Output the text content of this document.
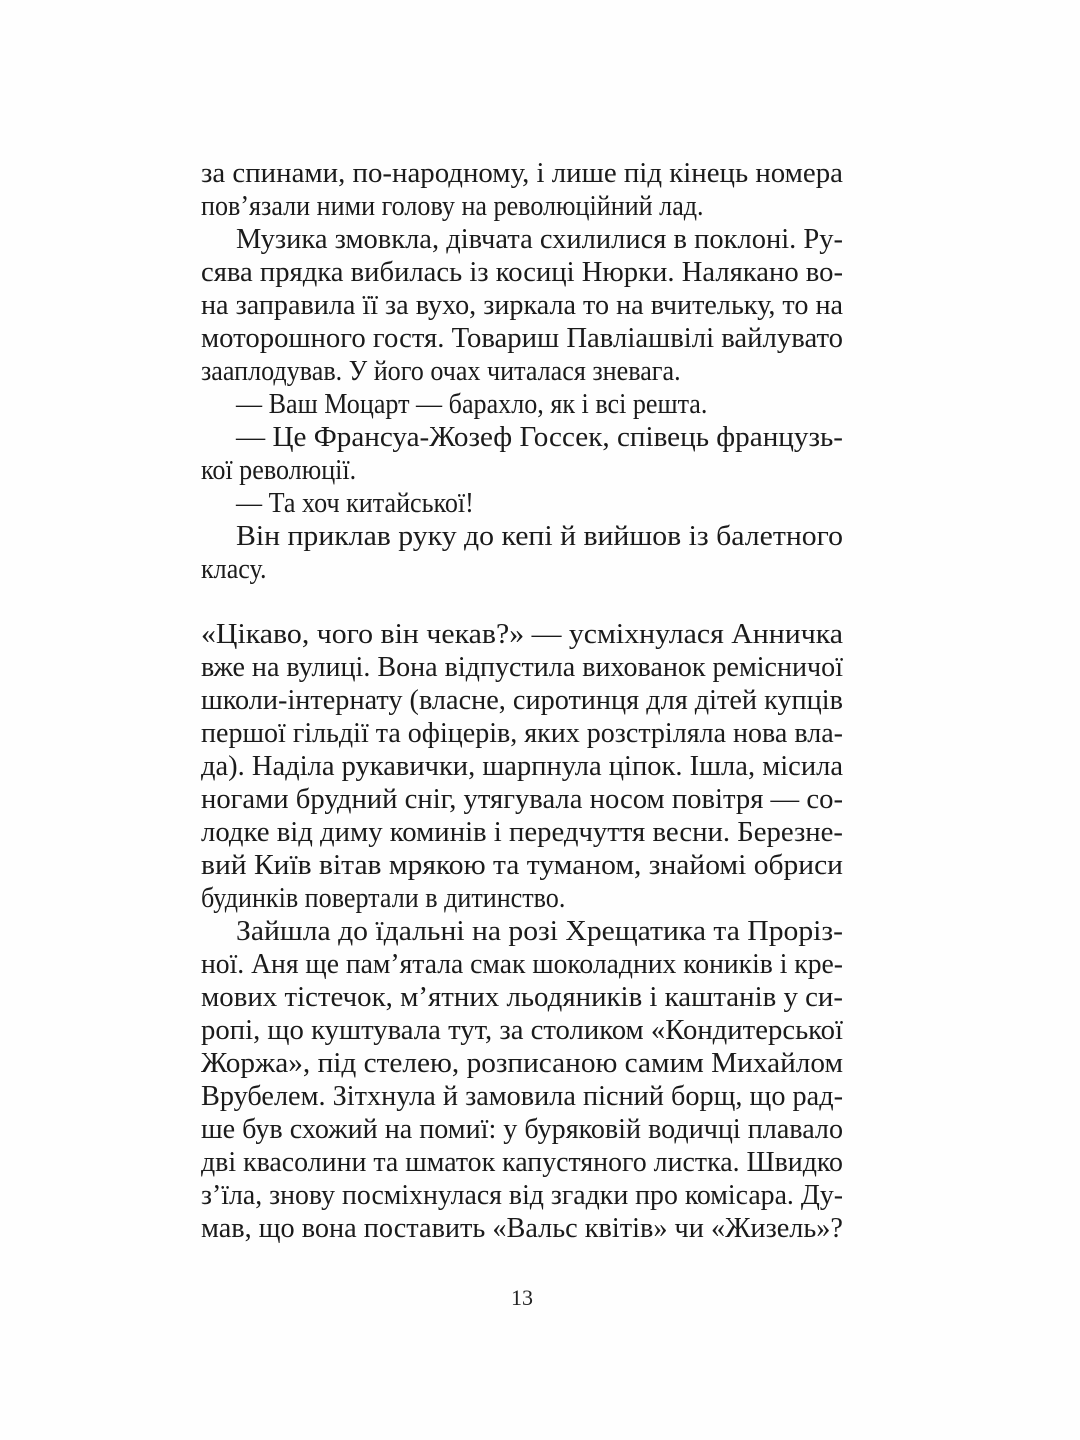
за спинами, по-народному, і лише під кінець номера
пов’язали ними голову на революційний лад.
Музика змовкла, дівчата схилилися в поклоні. Ру-
сява прядка вибилась із косиці Нюрки. Налякано во-
на заправила її за вухо, зиркала то на вчительку, то на
моторошного гостя. Товариш Павліашвілі вайлувато
зааплодував. У його очах читалася зневага.
— Ваш Моцарт — барахло, як і всі решта.
— Це Франсуа-Жозеф Госсек, співець французь-
кої революції.
— Та хоч китайської!
Він приклав руку до кепі й вийшов із балетного
класу.
«Цікаво, чого він чекав?» — усміхнулася Анничка
вже на вулиці. Вона відпустила вихованок ремісничої
школи-інтернату (власне, сиротинця для дітей купців
першої гільдії та офіцерів, яких розстріляла нова вла-
да). Наділа рукавички, шарпнула ціпок. Ішла, місила
ногами брудний сніг, утягувала носом повітря — со-
лодке від диму коминів і передчуття весни. Березне-
вий Київ вітав мрякою та туманом, знайомі обриси
будинків повертали в дитинство.
Зайшла до їдальні на розі Хрещатика та Проріз-
ної. Аня ще пам’ятала смак шоколадних коників і кре-
мових тістечок, м’ятних льодяників і каштанів у си-
ропі, що куштувала тут, за столиком «Кондитерської
Жоржа», під стелею, розписаною самим Михайлом
Врубелем. Зітхнула й замовила пісний борщ, що рад-
ше був схожий на помиї: у буряковій водичці плавало
дві квасолини та шматок капустяного листка. Швидко
з’їла, знову посміхнулася від згадки про комісара. Ду-
мав, що вона поставить «Вальс квітів» чи «Жизель»?
13
